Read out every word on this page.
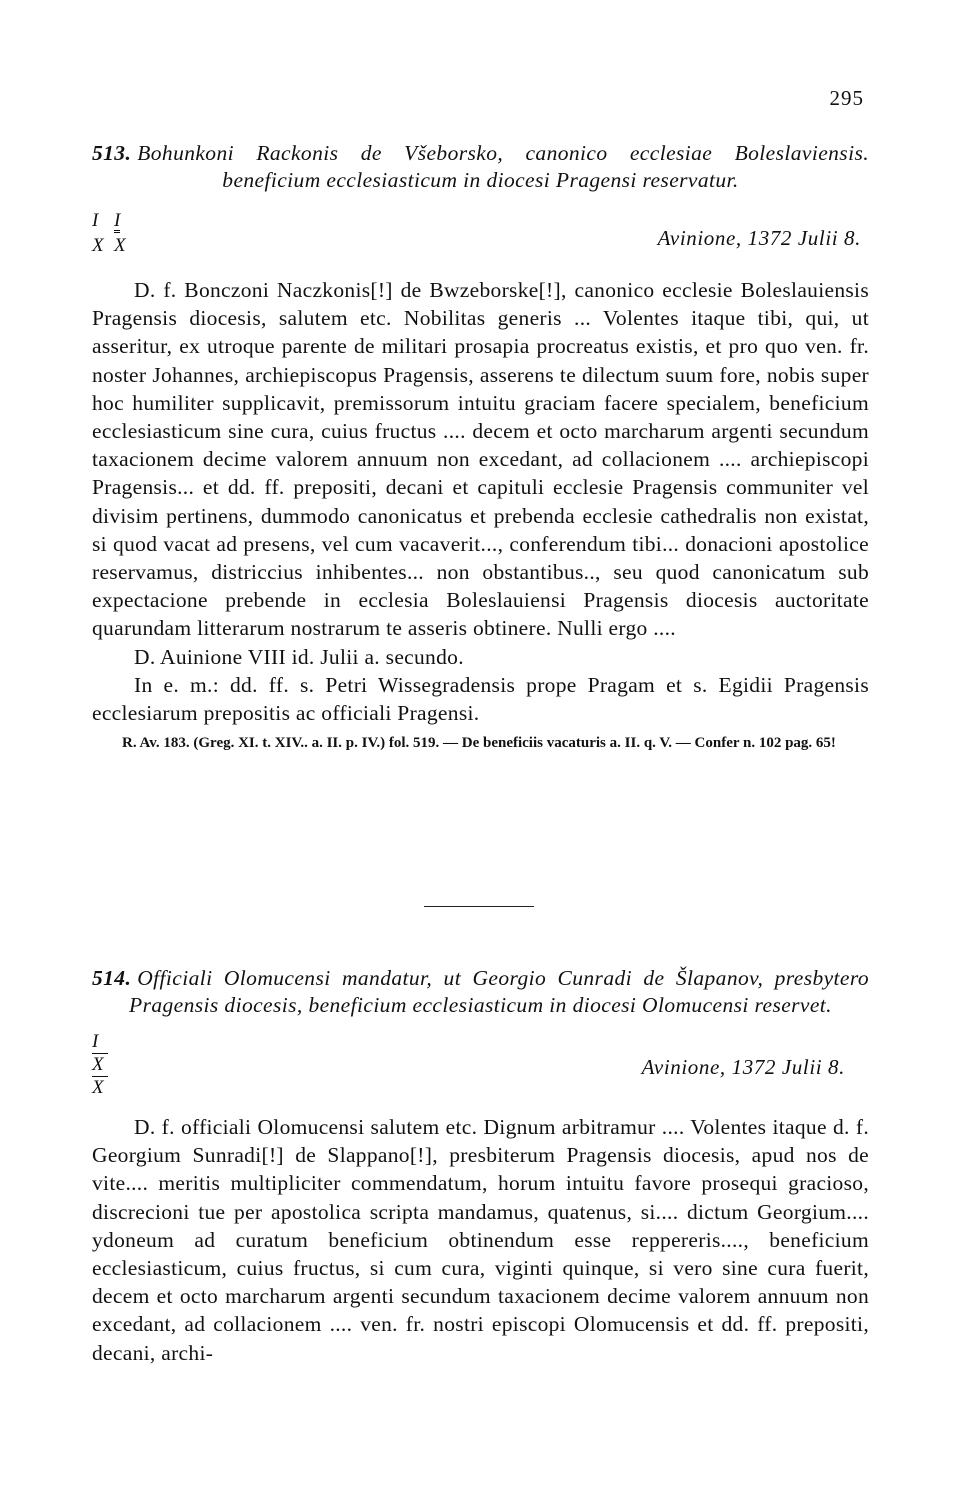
295
513. Bohunkoni Rackonis de Všeborsko, canonico ecclesiae Boleslaviensis. beneficium ecclesiasticum in diocesi Pragensi reservatur.
I I
X X	Avinione, 1372 Julii 8.

D. f. Bonczoni Naczkonis[!] de Bwzeborske[!], canonico ecclesie Boleslauiensis Pragensis diocesis, salutem etc. Nobilitas generis ... Volentes itaque tibi, qui, ut asseritur, ex utroque parente de militari prosapia procreatus existis, et pro quo ven. fr. noster Johannes, archiepiscopus Pragensis, asserens te dilectum suum fore, nobis super hoc humiliter supplicavit, premissorum intuitu graciam facere specialem, beneficium ecclesiasticum sine cura, cuius fructus .... decem et octo marcharum argenti secundum taxacionem decime valorem annuum non excedant, ad collacionem .... archiepiscopi Pragensis... et dd. ff. prepositi, decani et capituli ecclesie Pragensis communiter vel divisim pertinens, dummodo canonicatus et prebenda ecclesie cathedralis non existat, si quod vacat ad presens, vel cum vacaverit..., conferendum tibi... donacioni apostolice reservamus, districcius inhibentes... non obstantibus.., seu quod canonicatum sub expectacione prebende in ecclesia Boleslauiensi Pragensis diocesis auctoritate quarundam litterarum nostrarum te asseris obtinere. Nulli ergo ....

D. Auinione VIII id. Julii a. secundo.

In e. m.: dd. ff. s. Petri Wissegradensis prope Pragam et s. Egidii Pragensis ecclesiarum prepositis ac officiali Pragensi.

R. Av. 183. (Greg. XI. t. XIV.. a. II. p. IV.) fol. 519. — De beneficiis vacaturis a. II. q. V. — Confer n. 102 pag. 65!
514. Officiali Olomucensi mandatur, ut Georgio Cunradi de Šlapanov, presbytero Pragensis diocesis, beneficium ecclesiasticum in diocesi Olomucensi reservet.
I
X
X
Avinione, 1372 Julii 8.

D. f. officiali Olomucensi salutem etc. Dignum arbitramur .... Volentes itaque d. f. Georgium Sunradi[!] de Slappano[!], presbiterum Pragensis diocesis, apud nos de vite.... meritis multipliciter commendatum, horum intuitu favore prosequi gracioso, discrecioni tue per apostolica scripta mandamus, quatenus, si.... dictum Georgium.... ydoneum ad curatum beneficium obtinendum esse reppereris...., beneficium ecclesiasticum, cuius fructus, si cum cura, viginti quinque, si vero sine cura fuerit, decem et octo marcharum argenti secundum taxacionem decime valorem annuum non excedant, ad collacionem .... ven. fr. nostri episcopi Olomucensis et dd. ff. prepositi, decani, archi-
